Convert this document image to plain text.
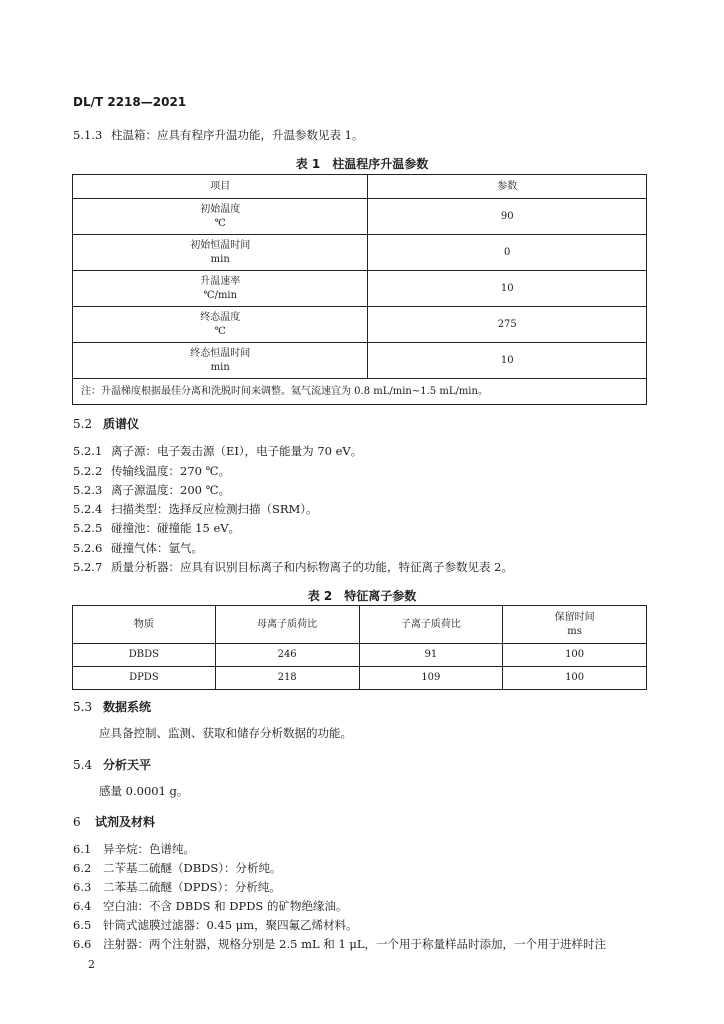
DL/T 2218—2021
5.1.3 柱温箱：应具有程序升温功能，升温参数见表 1。
表 1　柱温程序升温参数
项目	参数
初始温度
℃	90
初始恒温时间
min	0
升温速率
℃/min	10
终态温度
℃	275
终态恒温时间
min	10
注：升温梯度根据最佳分离和洗脱时间来调整。氦气流速宜为 0.8 mL/min~1.5 mL/min。	
5.2 质谱仪
5.2.1 离子源：电子轰击源（EI），电子能量为 70 eV。
5.2.2 传输线温度：270 ℃。
5.2.3 离子源温度：200 ℃。
5.2.4 扫描类型：选择反应检测扫描（SRM）。
5.2.5 碰撞池：碰撞能 15 eV。
5.2.6 碰撞气体：氩气。
5.2.7 质量分析器：应具有识别目标离子和内标物离子的功能，特征离子参数见表 2。
表 2　特征离子参数
物质	母离子质荷比	子离子质荷比	保留时间
ms
DBDS	246	91	100
DPDS	218	109	100
5.3 数据系统
应具备控制、监测、获取和储存分析数据的功能。
5.4 分析天平
感量 0.0001 g。
6 试剂及材料
6.1 异辛烷：色谱纯。
6.2 二苄基二硫醚（DBDS）：分析纯。
6.3 二苯基二硫醚（DPDS）：分析纯。
6.4 空白油：不含 DBDS 和 DPDS 的矿物绝缘油。
6.5 针筒式滤膜过滤器：0.45 μm，聚四氟乙烯材料。
6.6 注射器：两个注射器，规格分别是 2.5 mL 和 1 μL，一个用于称量样品时添加，一个用于进样时注
2
